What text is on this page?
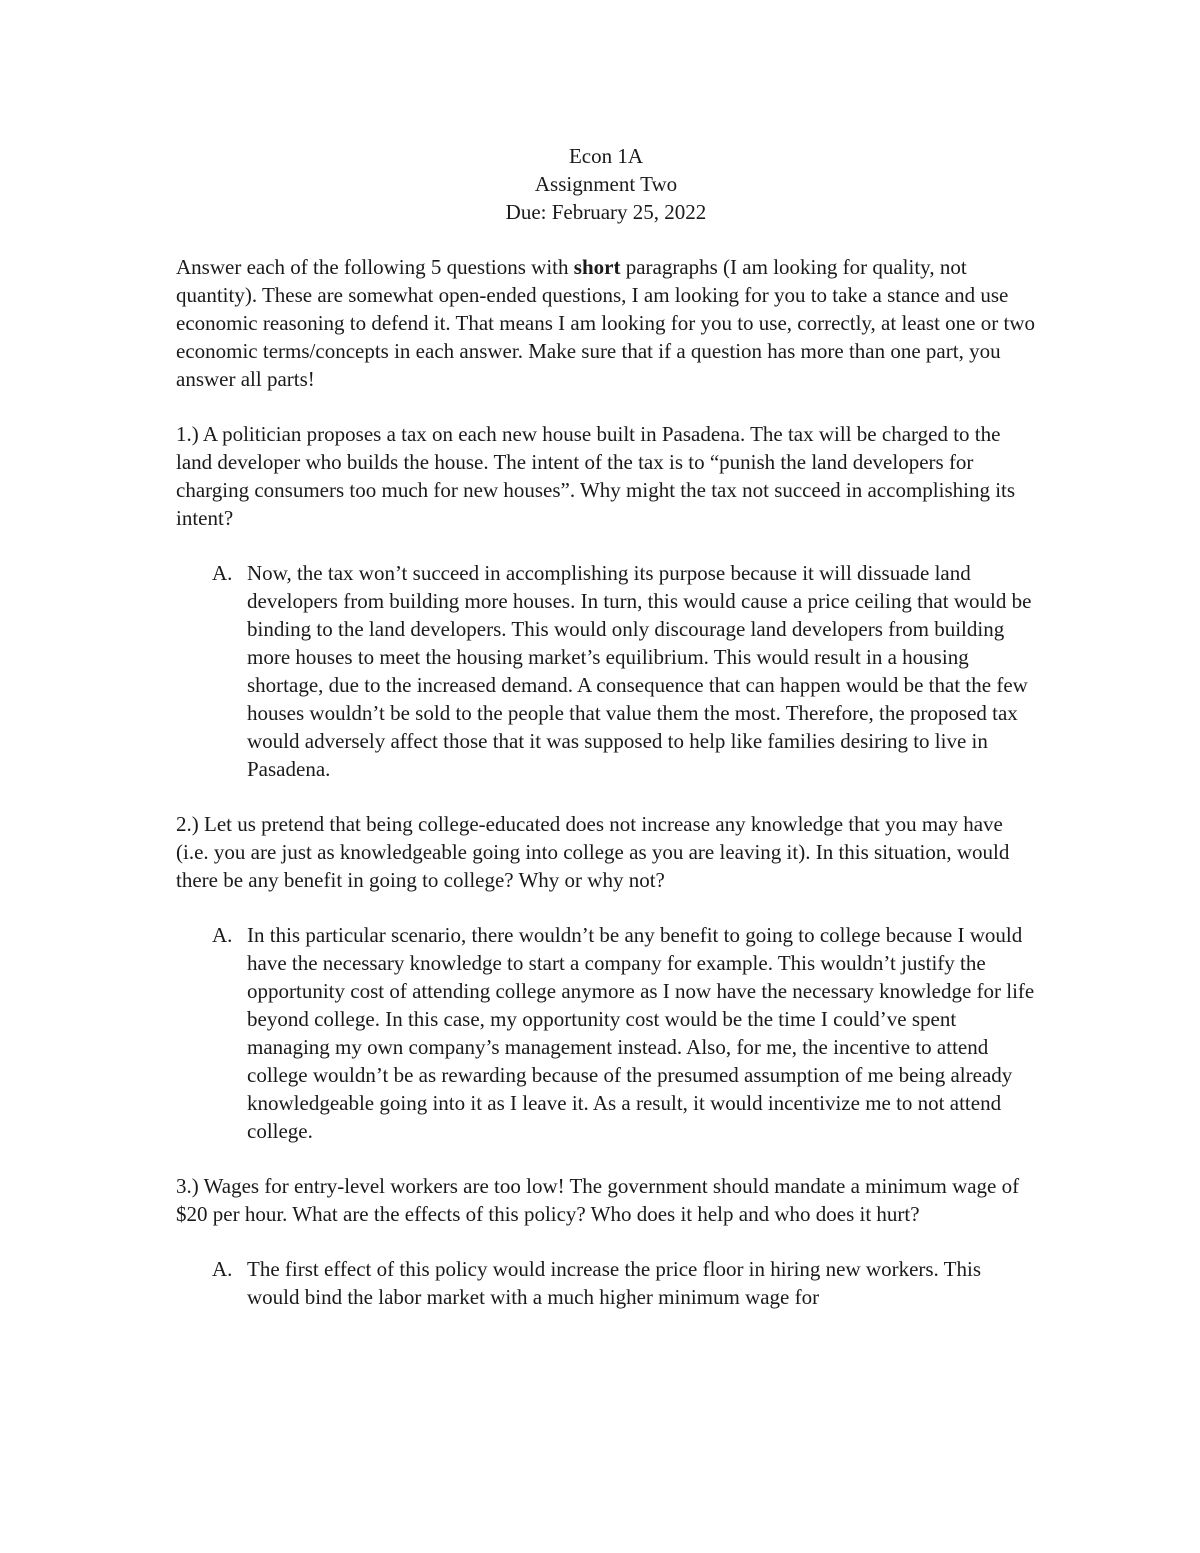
Econ 1A
Assignment Two
Due: February 25, 2022

Answer each of the following 5 questions with short paragraphs (I am looking for quality, not quantity). These are somewhat open-ended questions, I am looking for you to take a stance and use economic reasoning to defend it. That means I am looking for you to use, correctly, at least one or two economic terms/concepts in each answer. Make sure that if a question has more than one part, you answer all parts!

1.) A politician proposes a tax on each new house built in Pasadena. The tax will be charged to the land developer who builds the house. The intent of the tax is to “punish the land developers for charging consumers too much for new houses”. Why might the tax not succeed in accomplishing its intent?

A. Now, the tax won’t succeed in accomplishing its purpose because it will dissuade land developers from building more houses. In turn, this would cause a price ceiling that would be binding to the land developers. This would only discourage land developers from building more houses to meet the housing market’s equilibrium. This would result in a housing shortage, due to the increased demand. A consequence that can happen would be that the few houses wouldn’t be sold to the people that value them the most. Therefore, the proposed tax would adversely affect those that it was supposed to help like families desiring to live in Pasadena.

2.) Let us pretend that being college-educated does not increase any knowledge that you may have (i.e. you are just as knowledgeable going into college as you are leaving it). In this situation, would there be any benefit in going to college? Why or why not?

A. In this particular scenario, there wouldn’t be any benefit to going to college because I would have the necessary knowledge to start a company for example. This wouldn’t justify the opportunity cost of attending college anymore as I now have the necessary knowledge for life beyond college. In this case, my opportunity cost would be the time I could’ve spent managing my own company’s management instead. Also, for me, the incentive to attend college wouldn’t be as rewarding because of the presumed assumption of me being already knowledgeable going into it as I leave it. As a result, it would incentivize me to not attend college.

3.) Wages for entry-level workers are too low! The government should mandate a minimum wage of $20 per hour. What are the effects of this policy? Who does it help and who does it hurt?

A. The first effect of this policy would increase the price floor in hiring new workers. This would bind the labor market with a much higher minimum wage for
